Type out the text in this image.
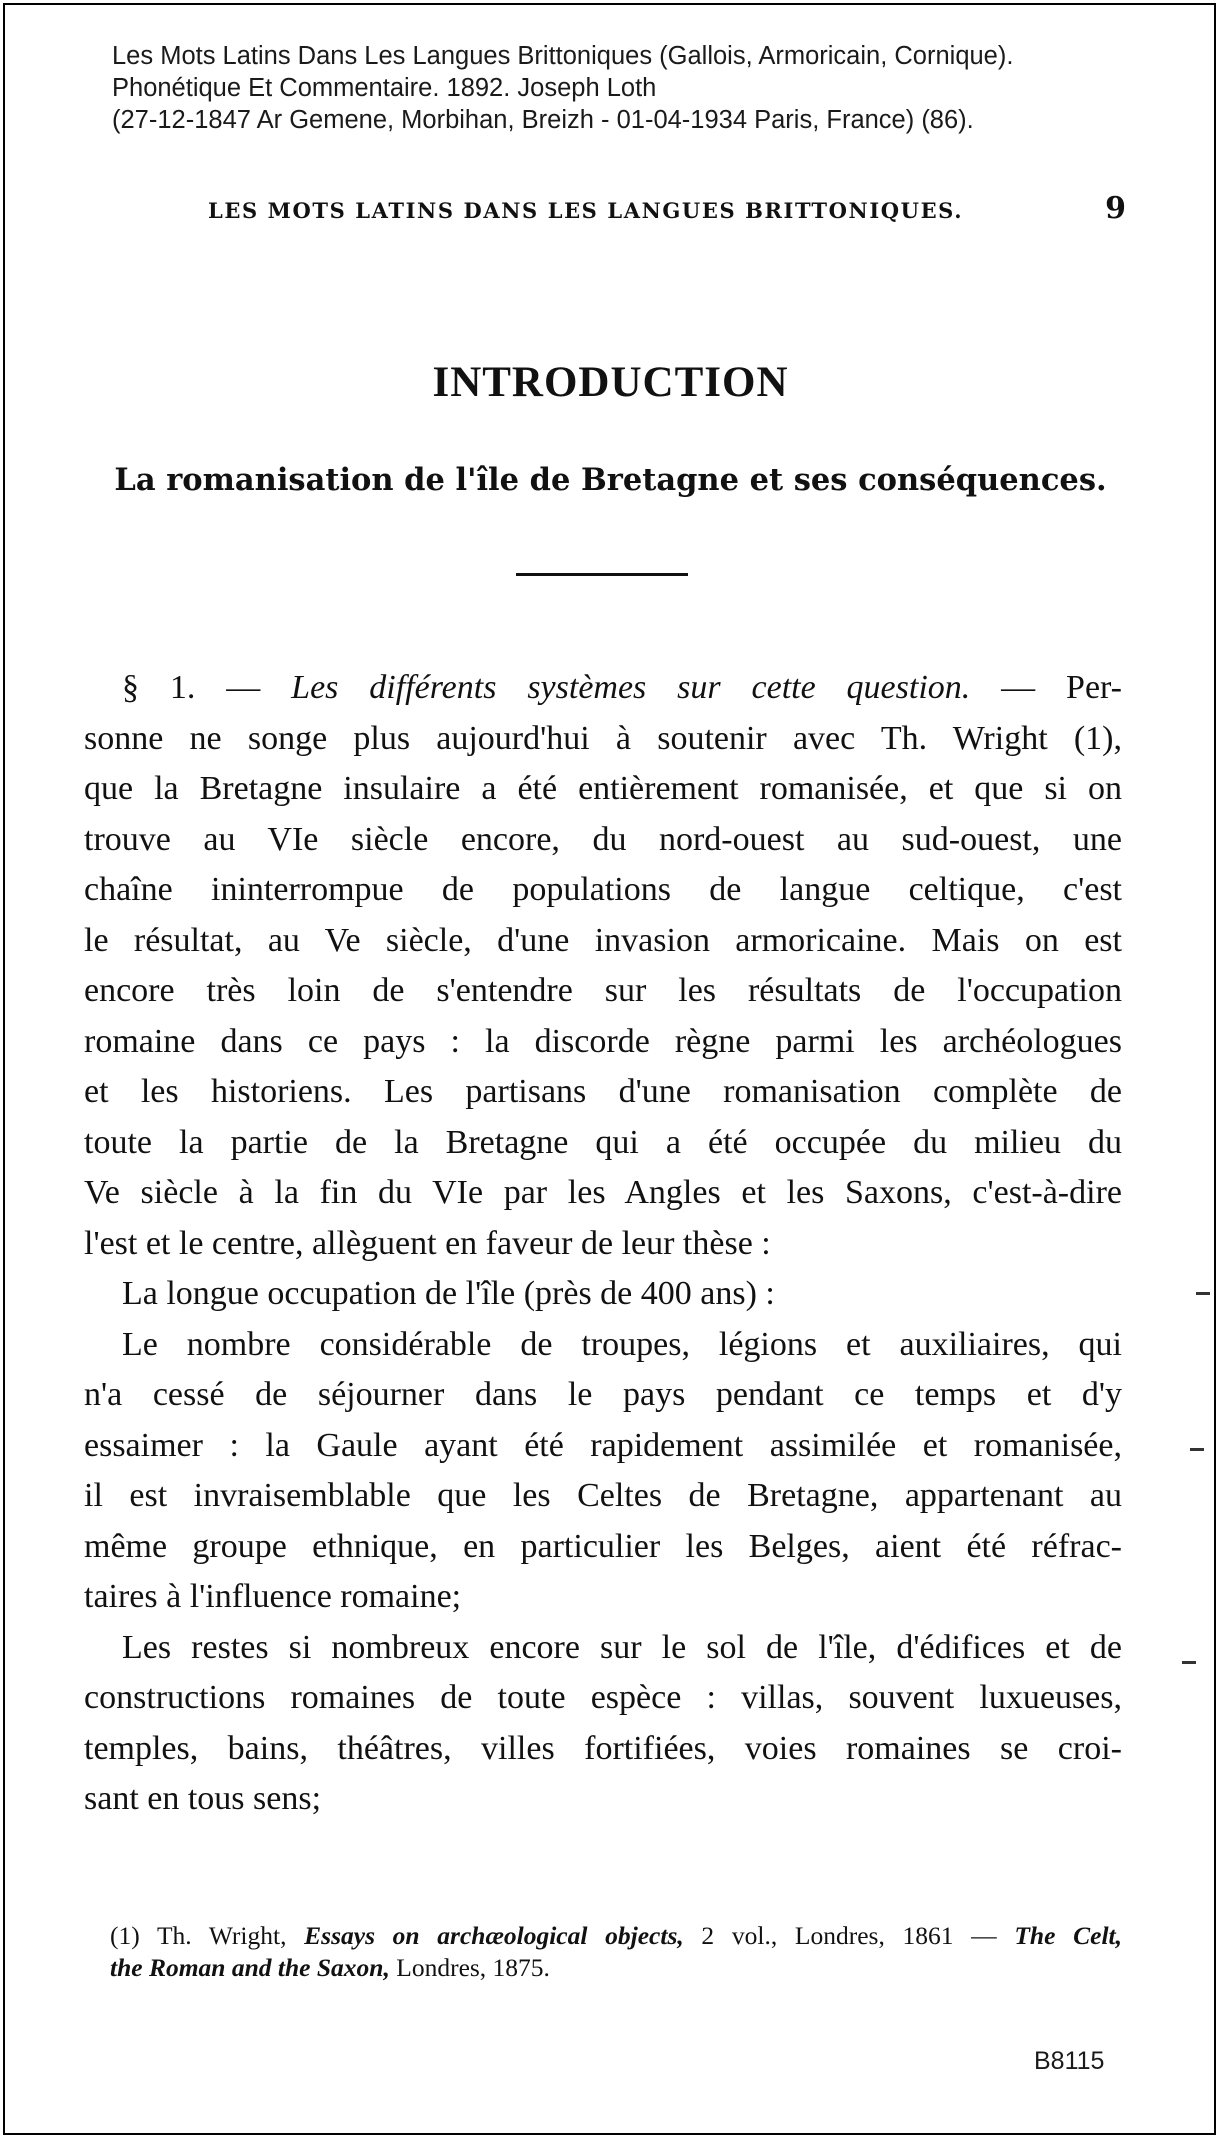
Les Mots Latins Dans Les Langues Brittoniques (Gallois, Armoricain, Cornique).
Phonétique Et Commentaire. 1892. Joseph Loth
(27-12-1847 Ar Gemene, Morbihan, Breizh - 01-04-1934 Paris, France) (86).
LES MOTS LATINS DANS LES LANGUES BRITTONIQUES.	9
INTRODUCTION
La romanisation de l'île de Bretagne et ses conséquences.
§ 1. — Les différents systèmes sur cette question. — Per-
sonne ne songe plus aujourd'hui à soutenir avec Th. Wright (1),
que la Bretagne insulaire a été entièrement romanisée, et que si on
trouve au VIe siècle encore, du nord-ouest au sud-ouest, une
chaîne ininterrompue de populations de langue celtique, c'est
le résultat, au Ve siècle, d'une invasion armoricaine. Mais on est
encore très loin de s'entendre sur les résultats de l'occupation
romaine dans ce pays : la discorde règne parmi les archéologues
et les historiens. Les partisans d'une romanisation complète de
toute la partie de la Bretagne qui a été occupée du milieu du
Ve siècle à la fin du VIe par les Angles et les Saxons, c'est-à-dire
l'est et le centre, allèguent en faveur de leur thèse :
La longue occupation de l'île (près de 400 ans) :
Le nombre considérable de troupes, légions et auxiliaires, qui
n'a cessé de séjourner dans le pays pendant ce temps et d'y
essaimer : la Gaule ayant été rapidement assimilée et romanisée,
il est invraisemblable que les Celtes de Bretagne, appartenant au
même groupe ethnique, en particulier les Belges, aient été réfrac-
taires à l'influence romaine;
Les restes si nombreux encore sur le sol de l'île, d'édifices et de
constructions romaines de toute espèce : villas, souvent luxueuses,
temples, bains, théâtres, villes fortifiées, voies romaines se croi-
sant en tous sens;
(1) Th. Wright, Essays on archæological objects, 2 vol., Londres, 1861 — The Celt,
the Roman and the Saxon, Londres, 1875.
B8115
